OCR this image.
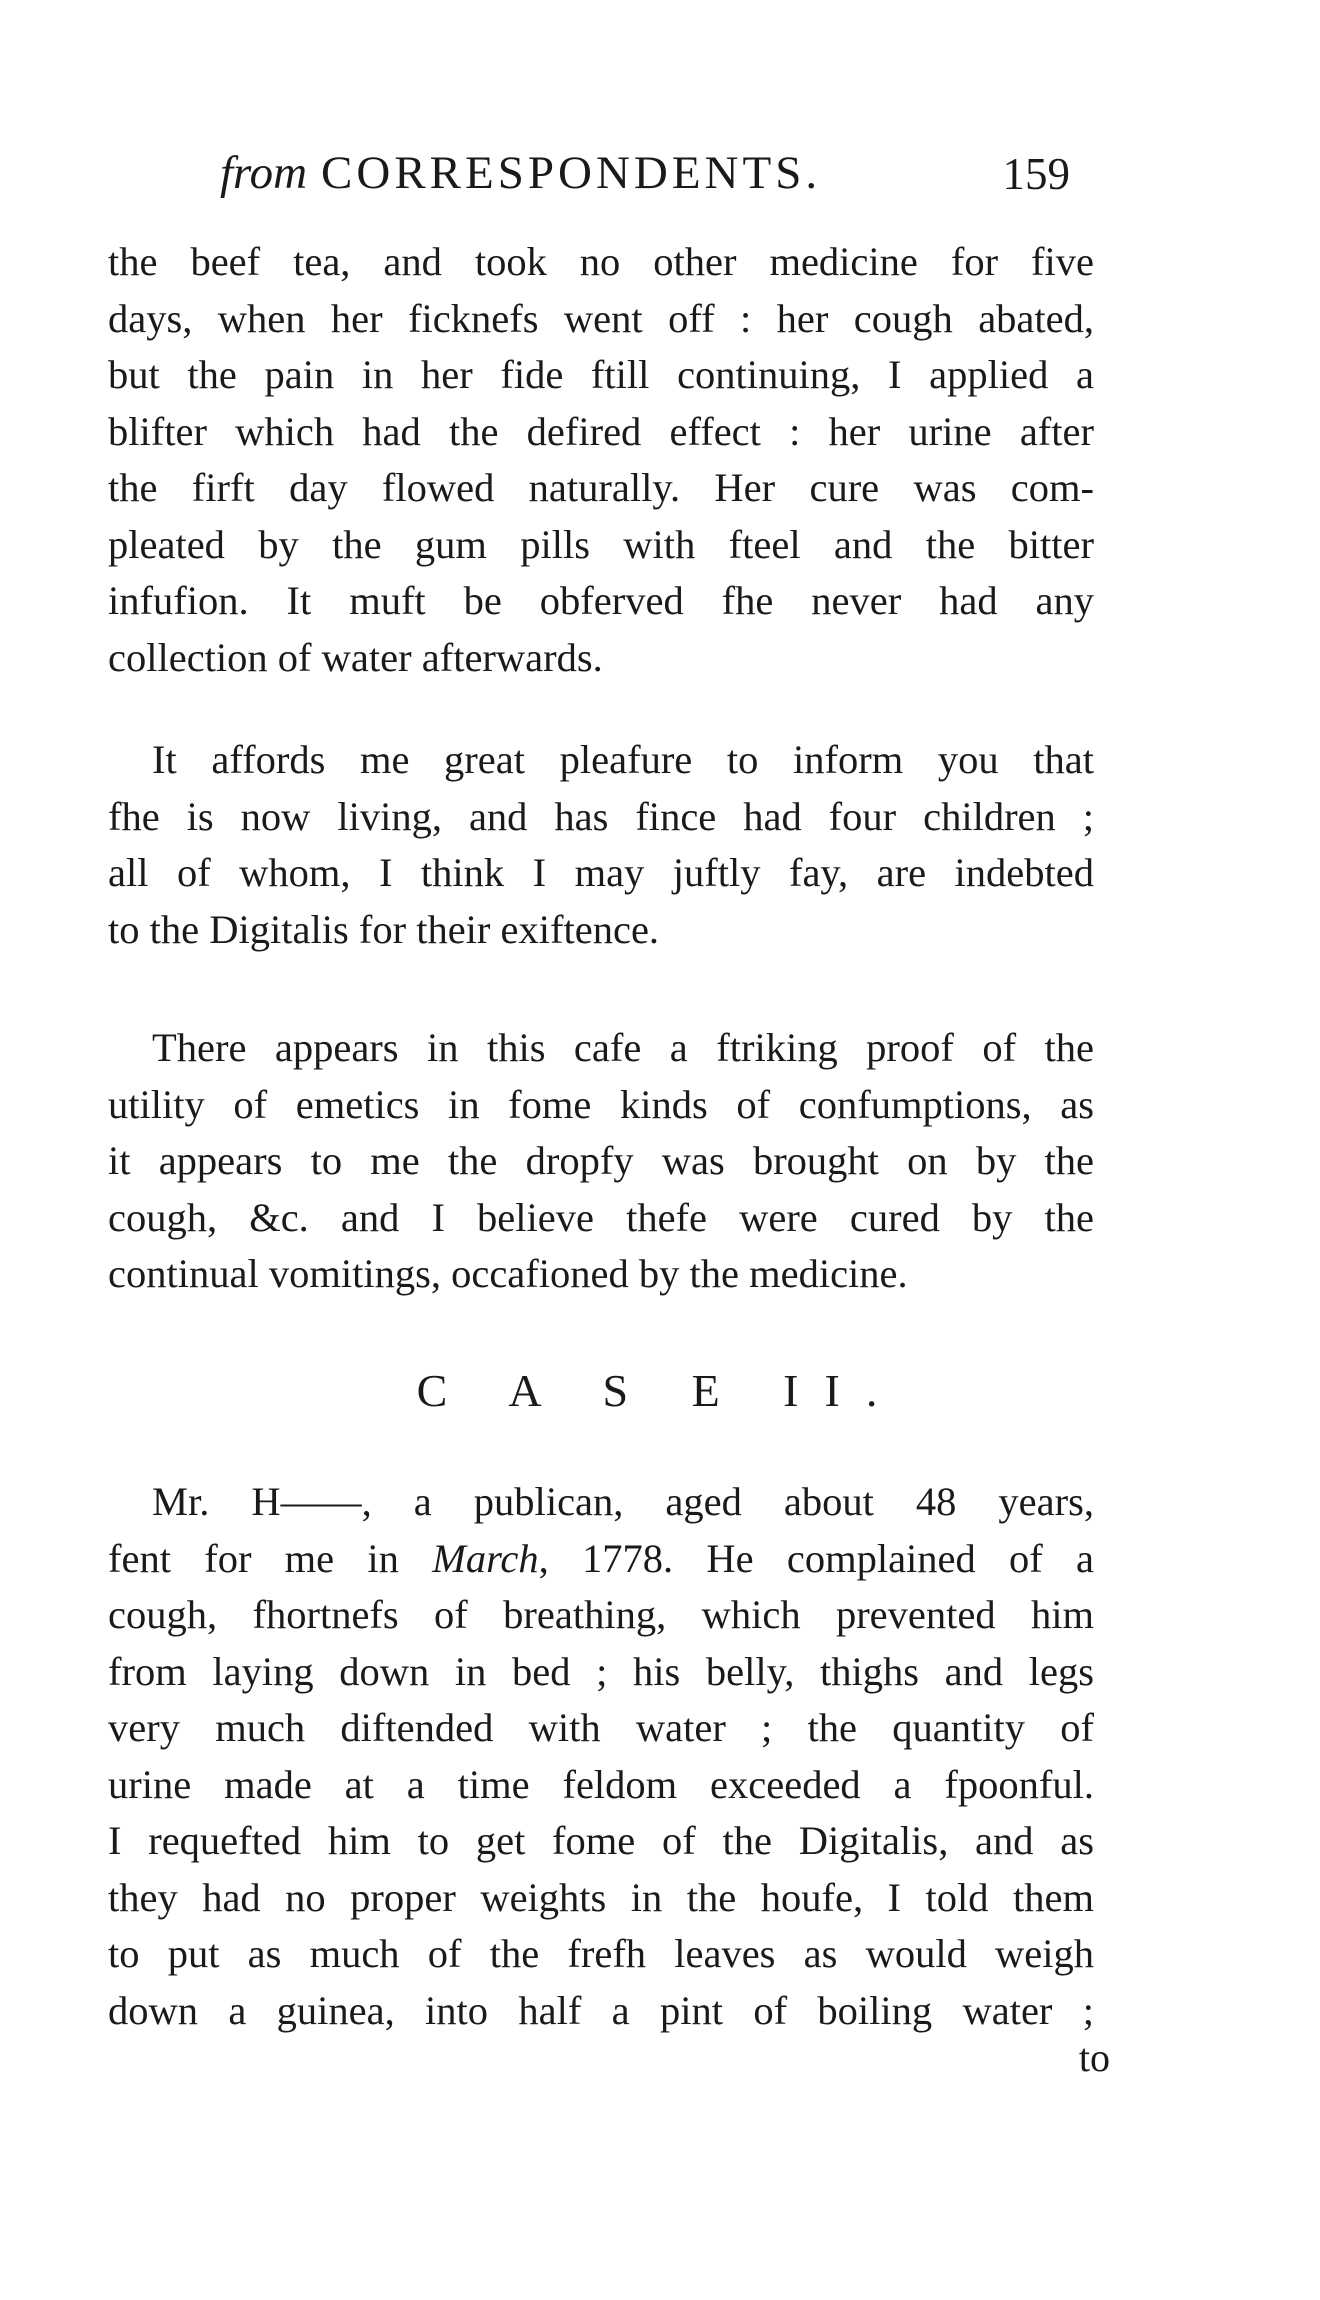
from CORRESPONDENTS.	159
the beef tea, and took no other medicine for five
days, when her ficknefs went off : her cough abated,
but the pain in her fide ftill continuing, I applied a
blifter which had the defired effect : her urine after
the firft day flowed naturally. Her cure was com-
pleated by the gum pills with fteel and the bitter
infufion. It muft be obferved fhe never had any
collection of water afterwards.
It affords me great pleafure to inform you that
fhe is now living, and has fince had four children ;
all of whom, I think I may juftly fay, are indebted
to the Digitalis for their exiftence.
There appears in this cafe a ftriking proof of the
utility of emetics in fome kinds of confumptions, as
it appears to me the dropfy was brought on by the
cough, &c. and I believe thefe were cured by the
continual vomitings, occafioned by the medicine.
C A S E II.
Mr. H——, a publican, aged about 48 years,
fent for me in March, 1778. He complained of a
cough, fhortnefs of breathing, which prevented him
from laying down in bed ; his belly, thighs and legs
very much diftended with water ; the quantity of
urine made at a time feldom exceeded a fpoonful.
I requefted him to get fome of the Digitalis, and as
they had no proper weights in the houfe, I told them
to put as much of the frefh leaves as would weigh
down a guinea, into half a pint of boiling water ;
to
